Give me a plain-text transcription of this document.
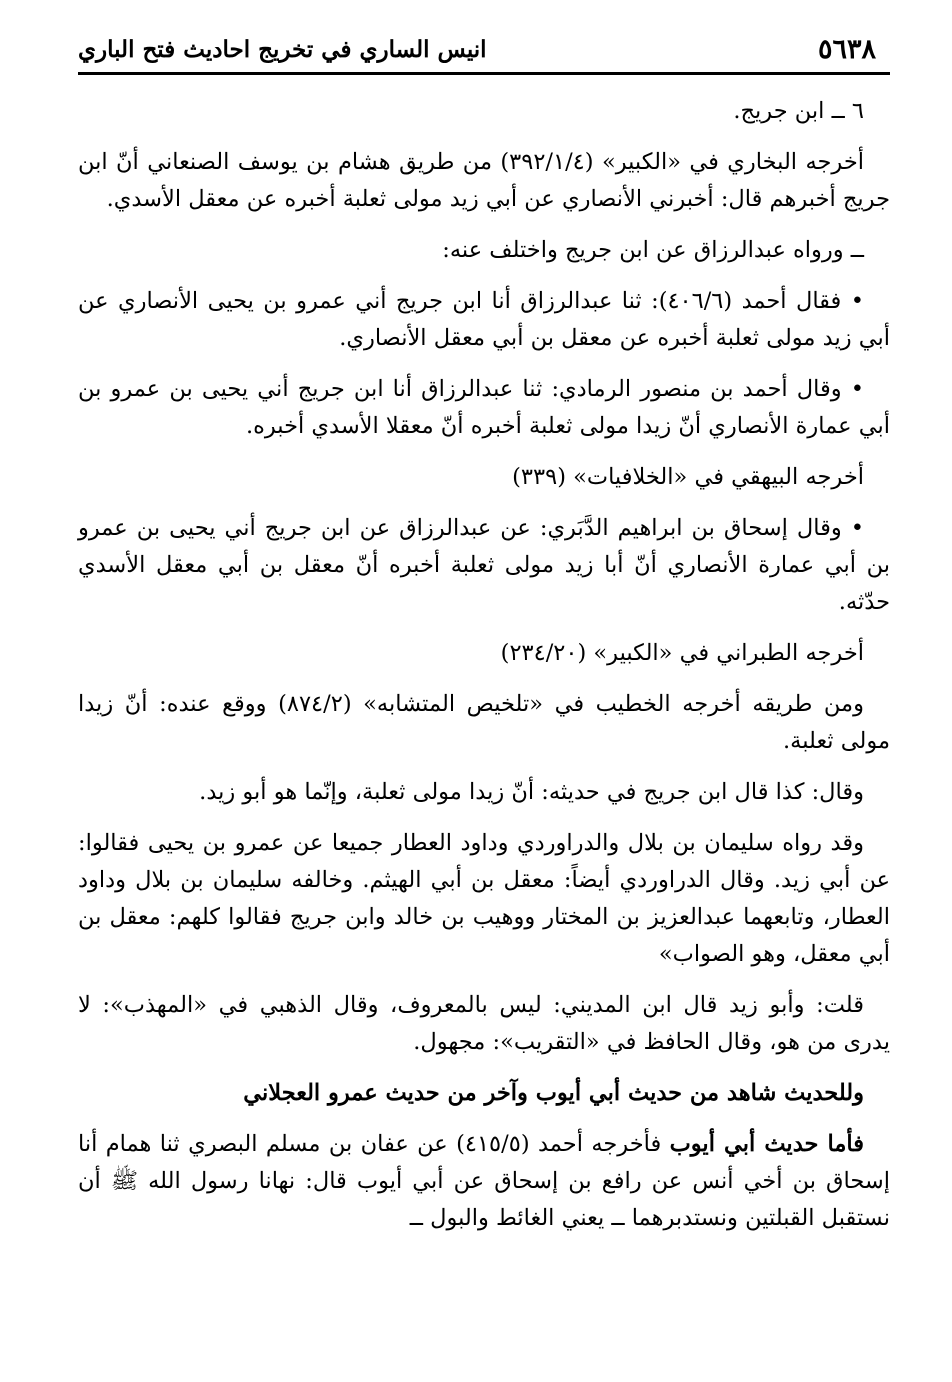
٥٦٣٨
انيس الساري في تخريج احاديث فتح الباري

٦ ــ ابن جريج.

أخرجه البخاري في «الكبير» (٣٩٢/١/٤) من طريق هشام بن يوسف الصنعاني أنّ ابن جريج أخبرهم قال: أخبرني الأنصاري عن أبي زيد مولى ثعلبة أخبره عن معقل الأسدي.

ــ ورواه عبدالرزاق عن ابن جريج واختلف عنه:

• فقال أحمد (٤٠٦/٦): ثنا عبدالرزاق أنا ابن جريج أني عمرو بن يحيى الأنصاري عن أبي زيد مولى ثعلبة أخبره عن معقل بن أبي معقل الأنصاري.

• وقال أحمد بن منصور الرمادي: ثنا عبدالرزاق أنا ابن جريج أني يحيى بن عمرو بن أبي عمارة الأنصاري أنّ زيدا مولى ثعلبة أخبره أنّ معقلا الأسدي أخبره.

أخرجه البيهقي في «الخلافيات» (٣٣٩)

• وقال إسحاق بن ابراهيم الدَّبَري: عن عبدالرزاق عن ابن جريج أني يحيى بن عمرو بن أبي عمارة الأنصاري أنّ أبا زيد مولى ثعلبة أخبره أنّ معقل بن أبي معقل الأسدي حدّثه.

أخرجه الطبراني في «الكبير» (٢٣٤/٢٠)

ومن طريقه أخرجه الخطيب في «تلخيص المتشابه» (٨٧٤/٢) ووقع عنده: أنّ زيدا مولى ثعلبة.

وقال: كذا قال ابن جريج في حديثه: أنّ زيدا مولى ثعلبة، وإنّما هو أبو زيد.

وقد رواه سليمان بن بلال والدراوردي وداود العطار جميعا عن عمرو بن يحيى فقالوا: عن أبي زيد. وقال الدراوردي أيضاً: معقل بن أبي الهيثم. وخالفه سليمان بن بلال وداود العطار، وتابعهما عبدالعزيز بن المختار ووهيب بن خالد وابن جريج فقالوا كلهم: معقل بن أبي معقل، وهو الصواب»

قلت: وأبو زيد قال ابن المديني: ليس بالمعروف، وقال الذهبي في «المهذب»: لا يدرى من هو، وقال الحافظ في «التقريب»: مجهول.

وللحديث شاهد من حديث أبي أيوب وآخر من حديث عمرو العجلاني

فأما حديث أبي أيوب فأخرجه أحمد (٤١٥/٥) عن عفان بن مسلم البصري ثنا همام أنا إسحاق بن أخي أنس عن رافع بن إسحاق عن أبي أيوب قال: نهانا رسول الله ﷺ أن نستقبل القبلتين ونستدبرهما ــ يعني الغائط والبول ــ
